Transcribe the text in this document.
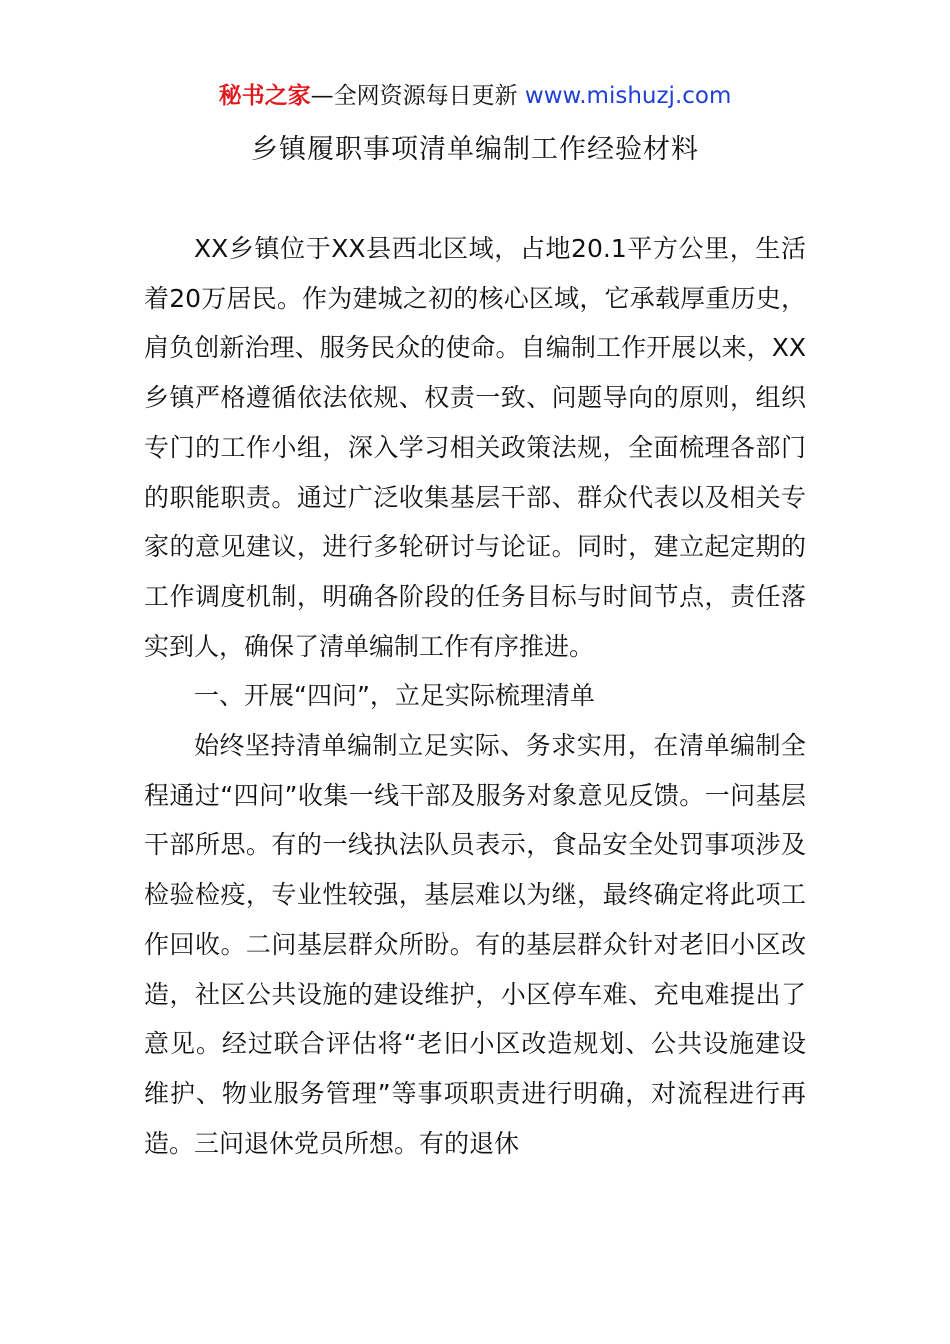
秘书之家—全网资源每日更新 www.mishuzj.com
乡镇履职事项清单编制工作经验材料

XX乡镇位于XX县西北区域，占地20.1平方公里，生活着20万居民。作为建城之初的核心区域，它承载厚重历史，肩负创新治理、服务民众的使命。自编制工作开展以来，XX乡镇严格遵循依法依规、权责一致、问题导向的原则，组织专门的工作小组，深入学习相关政策法规，全面梳理各部门的职能职责。通过广泛收集基层干部、群众代表以及相关专家的意见建议，进行多轮研讨与论证。同时，建立起定期的工作调度机制，明确各阶段的任务目标与时间节点，责任落实到人，确保了清单编制工作有序推进。

一、开展“四问”，立足实际梳理清单

始终坚持清单编制立足实际、务求实用，在清单编制全程通过“四问”收集一线干部及服务对象意见反馈。一问基层干部所思。有的一线执法队员表示，食品安全处罚事项涉及检验检疫，专业性较强，基层难以为继，最终确定将此项工作回收。二问基层群众所盼。有的基层群众针对老旧小区改造，社区公共设施的建设维护，小区停车难、充电难提出了意见。经过联合评估将“老旧小区改造规划、公共设施建设维护、物业服务管理”等事项职责进行明确，对流程进行再造。三问退休党员所想。有的退休
